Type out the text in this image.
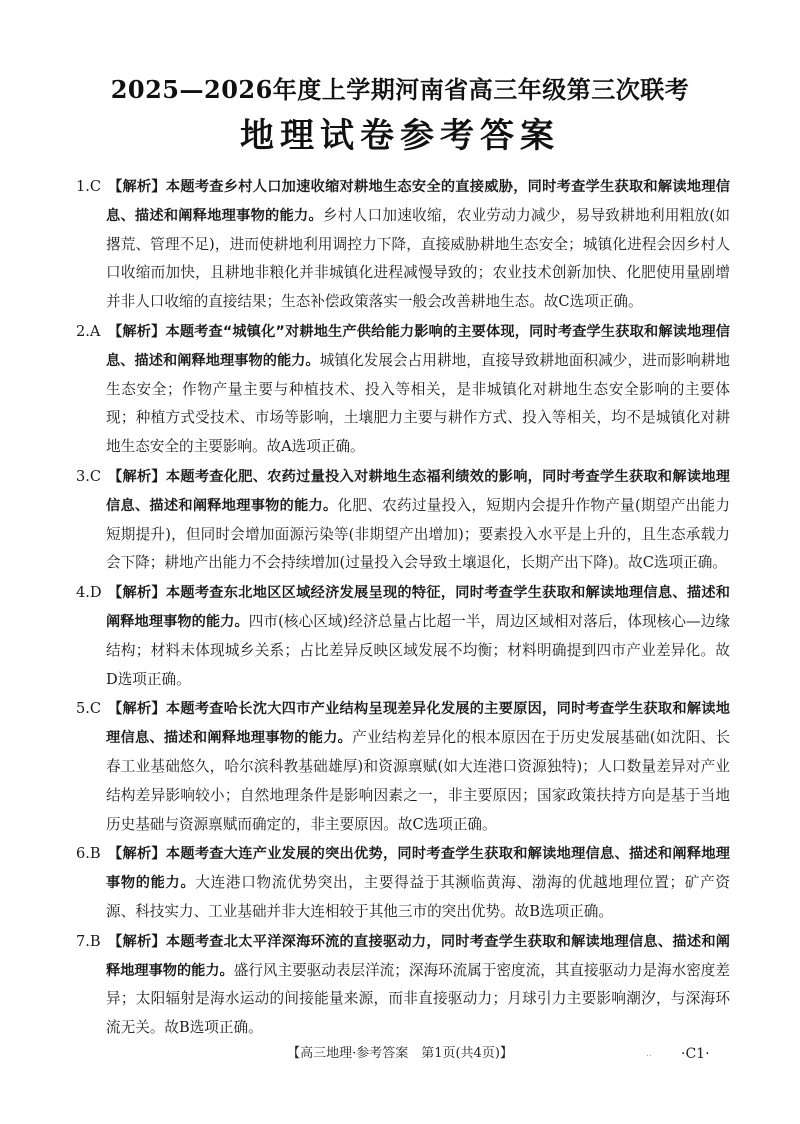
2025—2026年度上学期河南省高三年级第三次联考
地理试卷参考答案
1.C 【解析】本题考查乡村人口加速收缩对耕地生态安全的直接威胁，同时考查学生获取和解读地理信息、描述和阐释地理事物的能力。乡村人口加速收缩，农业劳动力减少，易导致耕地利用粗放(如撂荒、管理不足)，进而使耕地利用调控力下降，直接威胁耕地生态安全；城镇化进程会因乡村人口收缩而加快，且耕地非粮化并非城镇化进程减慢导致的；农业技术创新加快、化肥使用量剧增并非人口收缩的直接结果；生态补偿政策落实一般会改善耕地生态。故C选项正确。
2.A 【解析】本题考查“城镇化”对耕地生产供给能力影响的主要体现，同时考查学生获取和解读地理信息、描述和阐释地理事物的能力。城镇化发展会占用耕地，直接导致耕地面积减少，进而影响耕地生态安全；作物产量主要与种植技术、投入等相关，是非城镇化对耕地生态安全影响的主要体现；种植方式受技术、市场等影响，土壤肥力主要与耕作方式、投入等相关，均不是城镇化对耕地生态安全的主要影响。故A选项正确。
3.C 【解析】本题考查化肥、农药过量投入对耕地生态福利绩效的影响，同时考查学生获取和解读地理信息、描述和阐释地理事物的能力。化肥、农药过量投入，短期内会提升作物产量(期望产出能力短期提升)，但同时会增加面源污染等(非期望产出增加)；要素投入水平是上升的，且生态承载力会下降；耕地产出能力不会持续增加(过量投入会导致土壤退化，长期产出下降)。故C选项正确。
4.D 【解析】本题考查东北地区区域经济发展呈现的特征，同时考查学生获取和解读地理信息、描述和阐释地理事物的能力。四市(核心区域)经济总量占比超一半，周边区域相对落后，体现核心—边缘结构；材料未体现城乡关系；占比差异反映区域发展不均衡；材料明确提到四市产业差异化。故D选项正确。
5.C 【解析】本题考查哈长沈大四市产业结构呈现差异化发展的主要原因，同时考查学生获取和解读地理信息、描述和阐释地理事物的能力。产业结构差异化的根本原因在于历史发展基础(如沈阳、长春工业基础悠久，哈尔滨科教基础雄厚)和资源禀赋(如大连港口资源独特)；人口数量差异对产业结构差异影响较小；自然地理条件是影响因素之一，非主要原因；国家政策扶持方向是基于当地历史基础与资源禀赋而确定的，非主要原因。故C选项正确。
6.B 【解析】本题考查大连产业发展的突出优势，同时考查学生获取和解读地理信息、描述和阐释地理事物的能力。大连港口物流优势突出，主要得益于其濒临黄海、渤海的优越地理位置；矿产资源、科技实力、工业基础并非大连相较于其他三市的突出优势。故B选项正确。
7.B 【解析】本题考查北太平洋深海环流的直接驱动力，同时考查学生获取和解读地理信息、描述和阐释地理事物的能力。盛行风主要驱动表层洋流；深海环流属于密度流，其直接驱动力是海水密度差异；太阳辐射是海水运动的间接能量来源，而非直接驱动力；月球引力主要影响潮汐，与深海环流无关。故B选项正确。
【高三地理·参考答案　第1页(共4页)】	.. ·C1·
